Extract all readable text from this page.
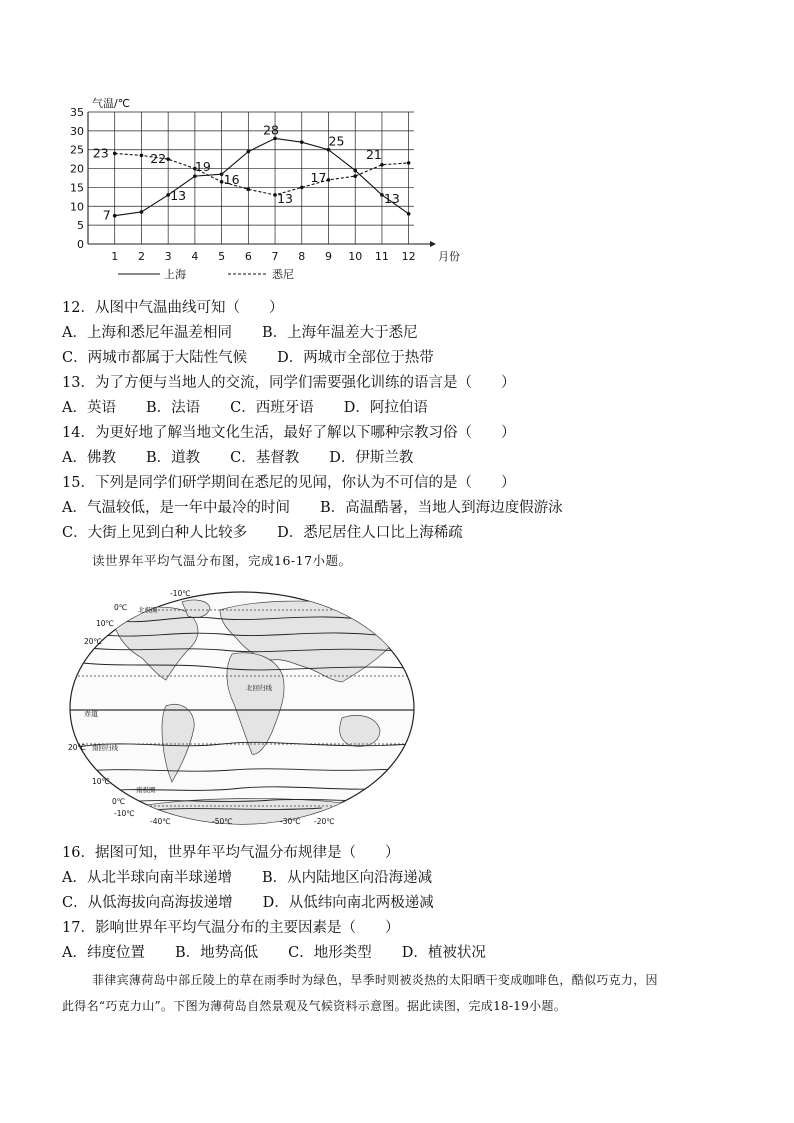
0
5
10
15
20
25
30
35
1 2 3 4 5 6 7 8 9 10 11 12
气温/℃
月份
7
13
19
28
25
13
23	22
16
13
17
21
上海	悉尼
12．从图中气温曲线可知（　　）
A．上海和悉尼年温差相同 B．上海年温差大于悉尼
C．两城市都属于大陆性气候 D．两城市全部位于热带
13．为了方便与当地人的交流，同学们需要强化训练的语言是（　　）
A．英语 B．法语 C．西班牙语 D．阿拉伯语
14．为更好地了解当地文化生活，最好了解以下哪种宗教习俗（　　）
A．佛教 B．道教 C．基督教 D．伊斯兰教
15．下列是同学们研学期间在悉尼的见闻，你认为不可信的是（　　）
A．气温较低，是一年中最冷的时间 B．高温酷暑，当地人到海边度假游泳
C．大街上见到白种人比较多 D．悉尼居住人口比上海稀疏
读世界年平均气温分布图，完成16-17小题。
-10℃
0℃ 北极圈
10℃
20℃
北回归线
赤道
20℃ 南回归线
10℃
南极圈
0℃
-10℃
-40℃	-50℃	-30℃ -20℃
16．据图可知，世界年平均气温分布规律是（　　）
A．从北半球向南半球递增 B．从内陆地区向沿海递减
C．从低海拔向高海拔递增 D．从低纬向南北两极递减
17．影响世界年平均气温分布的主要因素是（　　）
A．纬度位置 B．地势高低 C．地形类型 D．植被状况
菲律宾薄荷岛中部丘陵上的草在雨季时为绿色，旱季时则被炎热的太阳晒干变成咖啡色，酷似巧克力，因
此得名“巧克力山”。下图为薄荷岛自然景观及气候资料示意图。据此读图，完成18-19小题。
